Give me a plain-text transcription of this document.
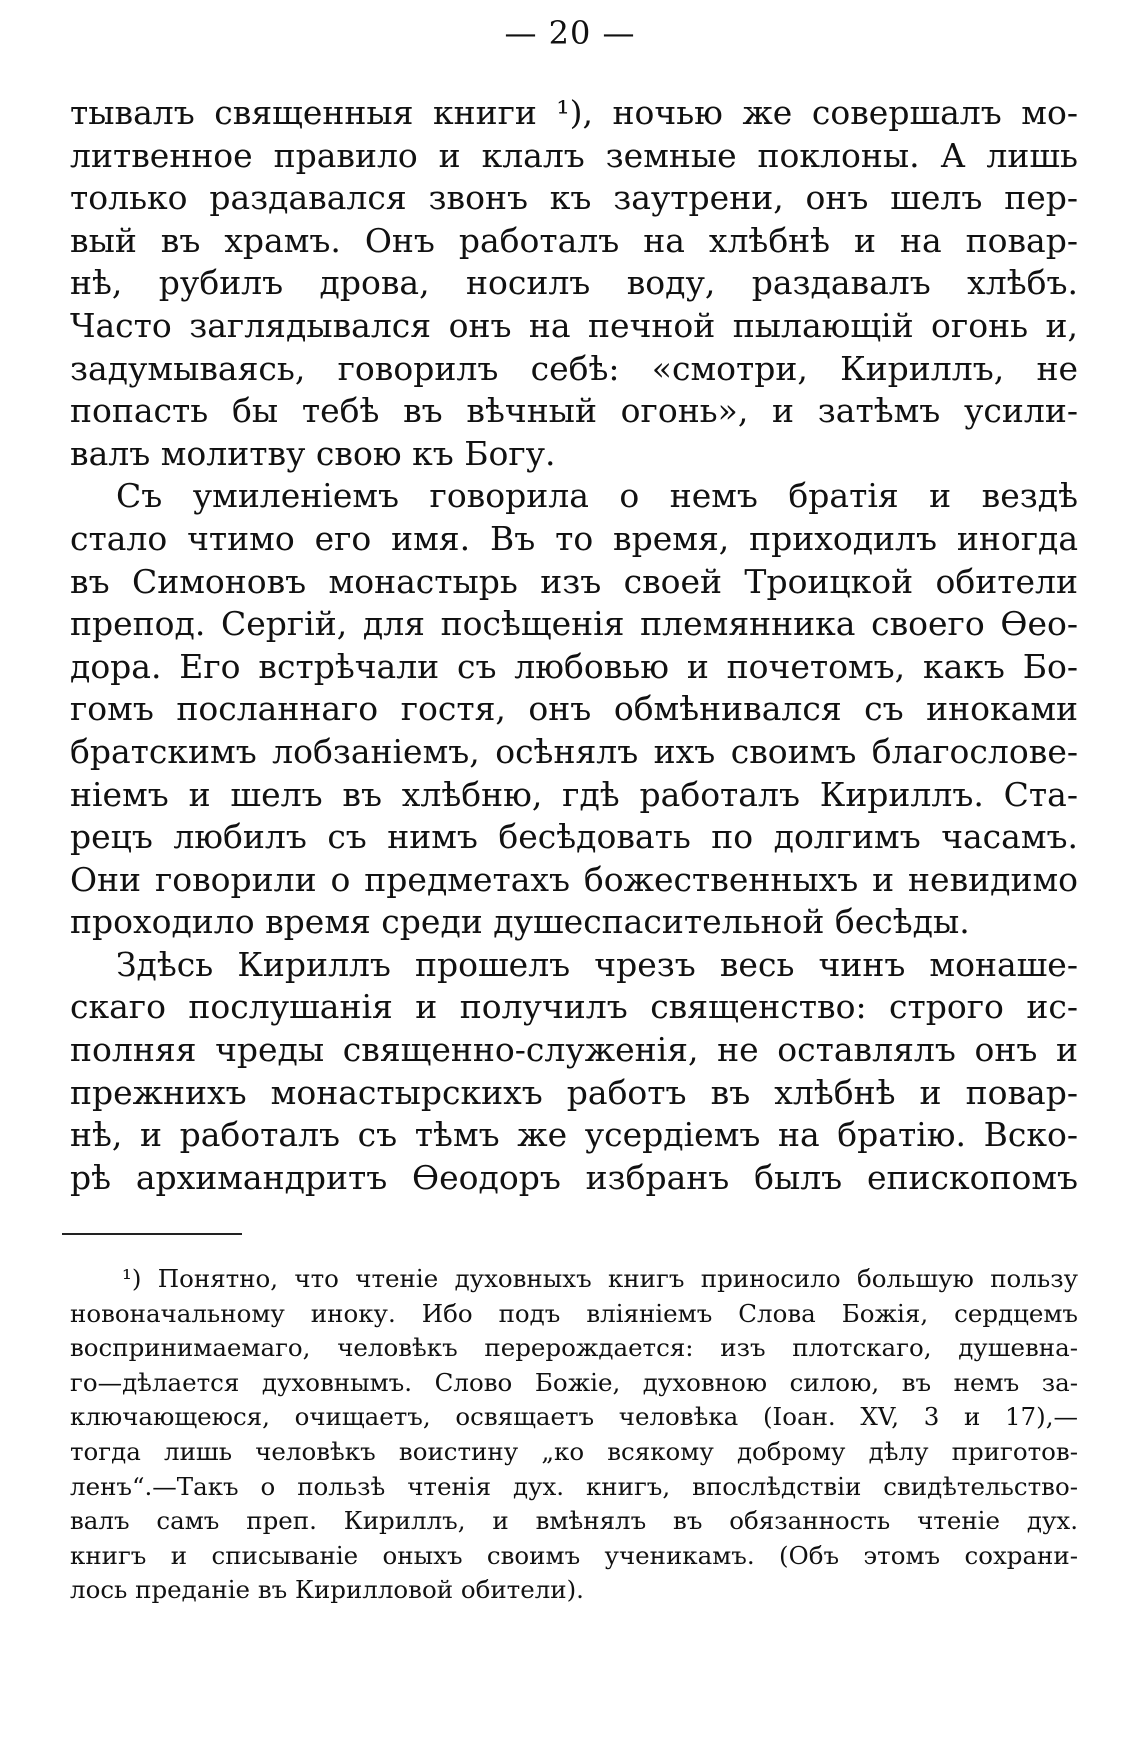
— 20 —
тывалъ священныя книги ¹), ночью же совершалъ мо-
литвенное правило и клалъ земные поклоны. А лишь
только раздавался звонъ къ заутрени, онъ шелъ пер-
вый въ храмъ. Онъ работалъ на хлѣбнѣ и на повар-
нѣ, рубилъ дрова, носилъ воду, раздавалъ хлѣбъ.
Часто заглядывался онъ на печной пылающій огонь и,
задумываясь, говорилъ себѣ: «смотри, Кириллъ, не
попасть бы тебѣ въ вѣчный огонь», и затѣмъ усили-
валъ молитву свою къ Богу.
Съ умиленіемъ говорила о немъ братія и вездѣ
стало чтимо его имя. Въ то время, приходилъ иногда
въ Симоновъ монастырь изъ своей Троицкой обители
препод. Сергій, для посѣщенія племянника своего Ѳео-
дора. Его встрѣчали съ любовью и почетомъ, какъ Бо-
гомъ посланнаго гостя, онъ обмѣнивался съ иноками
братскимъ лобзаніемъ, осѣнялъ ихъ своимъ благослове-
ніемъ и шелъ въ хлѣбню, гдѣ работалъ Кириллъ. Ста-
рецъ любилъ съ нимъ бесѣдовать по долгимъ часамъ.
Они говорили о предметахъ божественныхъ и невидимо
проходило время среди душеспасительной бесѣды.
Здѣсь Кириллъ прошелъ чрезъ весь чинъ монаше-
скаго послушанія и получилъ священство: строго ис-
полняя чреды священно-служенія, не оставлялъ онъ и
прежнихъ монастырскихъ работъ въ хлѣбнѣ и повар-
нѣ, и работалъ съ тѣмъ же усердіемъ на братію. Вско-
рѣ архимандритъ Ѳеодоръ избранъ былъ епископомъ
¹) Понятно, что чтеніе духовныхъ книгъ приносило большую пользу
новоначальному иноку. Ибо подъ вліяніемъ Слова Божія, сердцемъ
воспринимаемаго, человѣкъ перерождается: изъ плотскаго, душевна-
го—дѣлается духовнымъ. Слово Божіе, духовною силою, въ немъ за-
ключающеюся, очищаетъ, освящаетъ человѣка (Іоан. XV, 3 и 17),—
тогда лишь человѣкъ воистину „ко всякому доброму дѣлу приготов-
ленъ“.—Такъ о пользѣ чтенія дух. книгъ, впослѣдствіи свидѣтельство-
валъ самъ преп. Кириллъ, и вмѣнялъ въ обязанность чтеніе дух.
книгъ и списываніе оныхъ своимъ ученикамъ. (Объ этомъ сохрани-
лось преданіе въ Кирилловой обители).
